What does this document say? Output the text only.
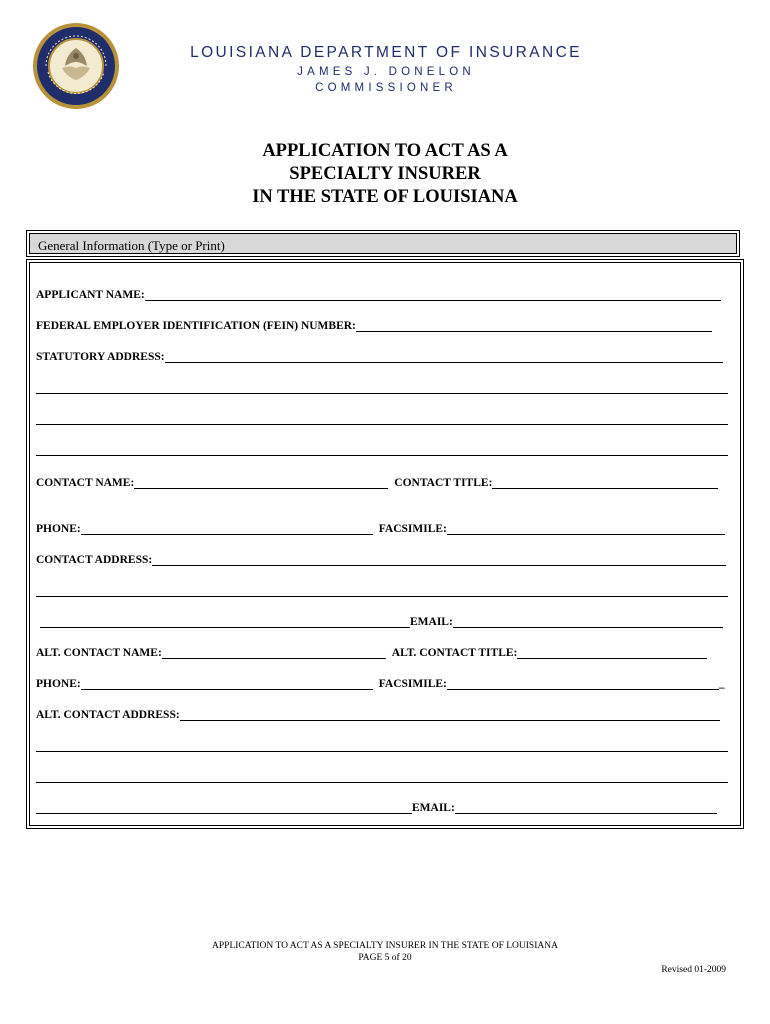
LOUISIANA DEPARTMENT OF INSURANCE
JAMES J. DONELON
COMMISSIONER
APPLICATION TO ACT AS A
SPECIALTY INSURER
IN THE STATE OF LOUISIANA
General Information (Type or Print)
APPLICANT NAME:
FEDERAL EMPLOYER IDENTIFICATION (FEIN) NUMBER:
STATUTORY ADDRESS:
CONTACT NAME:	CONTACT TITLE:
PHONE:	FACSIMILE:
CONTACT ADDRESS:
EMAIL:
ALT. CONTACT NAME:	ALT. CONTACT TITLE:
PHONE:	FACSIMILE:	_
ALT. CONTACT ADDRESS:
EMAIL:
APPLICATION TO ACT AS A SPECIALTY INSURER IN THE STATE OF LOUISIANA
PAGE 5 of 20
Revised 01-2009
